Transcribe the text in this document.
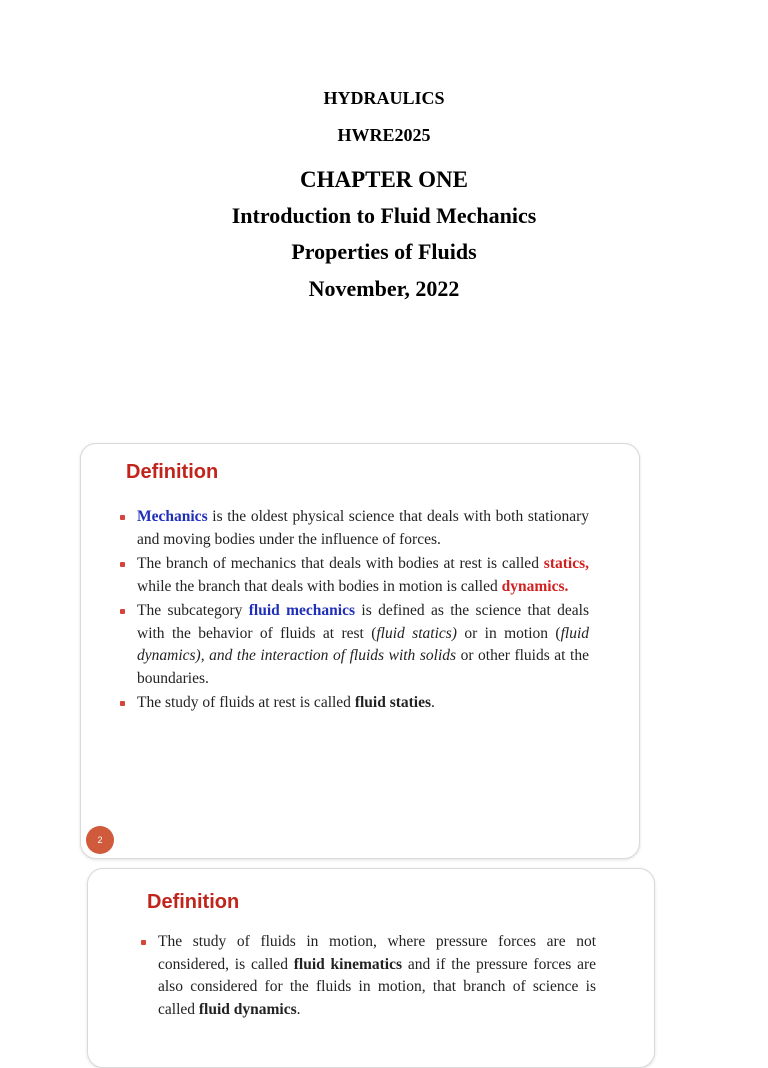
HYDRAULICS
HWRE2025
CHAPTER ONE
Introduction to Fluid Mechanics
Properties of Fluids
November, 2022
Definition
Mechanics is the oldest physical science that deals with both stationary and moving bodies under the influence of forces.
The branch of mechanics that deals with bodies at rest is called statics, while the branch that deals with bodies in motion is called dynamics.
The subcategory fluid mechanics is defined as the science that deals with the behavior of fluids at rest (fluid statics) or in motion (fluid dynamics), and the interaction of fluids with solids or other fluids at the boundaries.
The study of fluids at rest is called fluid staties.
2
Definition
The study of fluids in motion, where pressure forces are not considered, is called fluid kinematics and if the pressure forces are also considered for the fluids in motion, that branch of science is called fluid dynamics.
